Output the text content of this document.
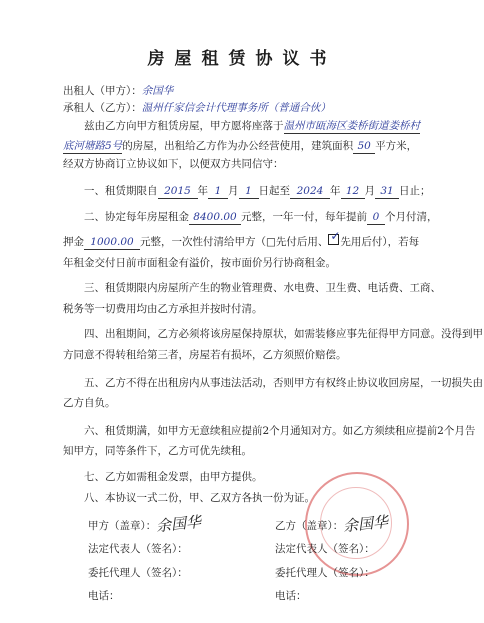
房屋租赁协议书
出租人（甲方）：余国华
承租人（乙方）：温州仟家信会计代理事务所（普通合伙）
兹由乙方向甲方租赁房屋，甲方愿将座落于温州市瓯海区娄桥街道娄桥村
底河塘路5号的房屋，出租给乙方作为办公经营使用，建筑面积 50 平方米，
经双方协商订立协议如下，以便双方共同信守：
一、租赁期限自 2015 年 1 月 1 日起至 2024 年 12 月 31 日止；
二、协定每年房屋租金 8400.00 元整，一年一付，每年提前 0 个月付清，
押金 1000.00 元整，一次性付清给甲方（□先付后用、 ✓ 先用后付），若每
年租金交付日前市面租金有溢价，按市面价另行协商租金。
三、租赁期限内房屋所产生的物业管理费、水电费、卫生费、电话费、工商、
税务等一切费用均由乙方承担并按时付清。
四、出租期间，乙方必须将该房屋保持原状，如需装修应事先征得甲方同意。没得到甲
方同意不得转租给第三者，房屋若有损坏，乙方须照价赔偿。
五、乙方不得在出租房内从事违法活动，否则甲方有权终止协议收回房屋，一切损失由
乙方自负。
六、租赁期满，如甲方无意续租应提前2个月通知对方。如乙方须续租应提前2个月告
知甲方，同等条件下，乙方可优先续租。
七、乙方如需租金发票，由甲方提供。
八、本协议一式二份，甲、乙双方各执一份为证。
甲方（盖章）：余国华	乙方（盖章）：余国华
法定代表人（签名）：	法定代表人（签名）：
委托代理人（签名）：	委托代理人（签名）：
电话：	电话：
